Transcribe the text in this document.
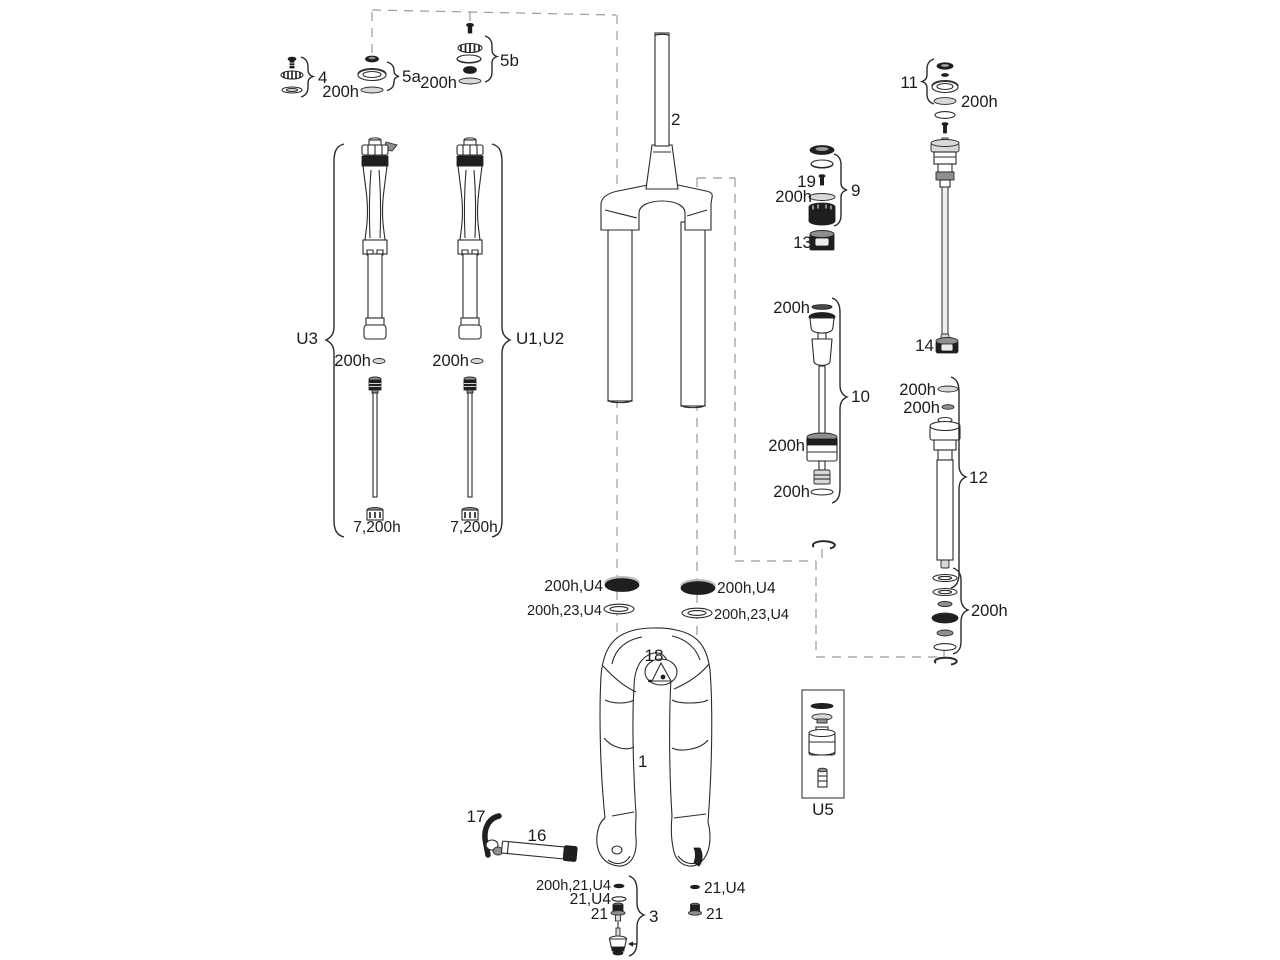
4	5a
200h
5b
200h
2
U3	U1,U2
200h	200h
7,200h	7,200h
19
200h 9
13
11
200h
200h
10
200h
200h
14
200h
200h
12
200h
200h,U4
200h,23,U4
200h,U4
200h,23,U4
18
1
17
16
200h,21,U4
21,U4
21 3
21,U4
21
U5
